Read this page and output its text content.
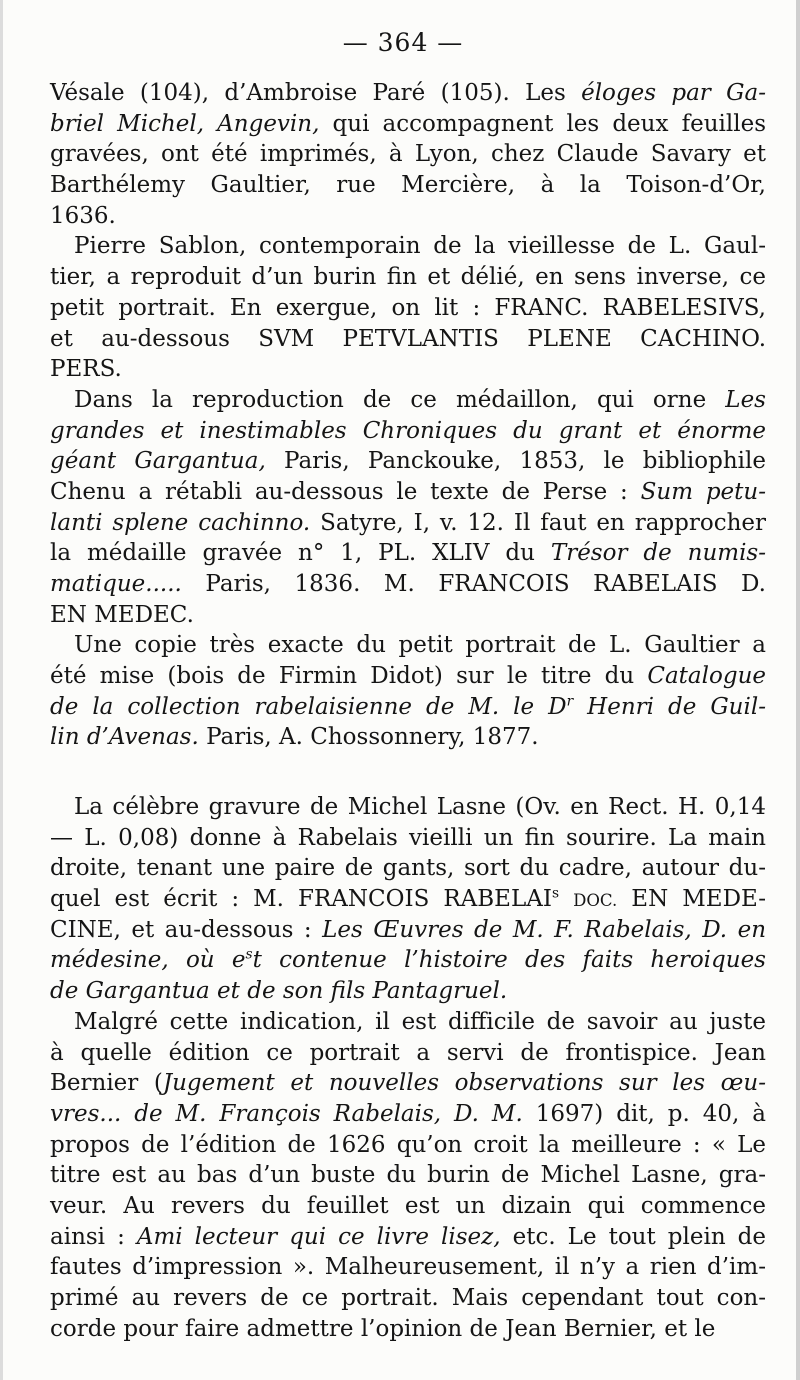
— 364 —
Vésale (104), d’Ambroise Paré (105). Les éloges par Ga-
briel Michel, Angevin, qui accompagnent les deux feuilles
gravées, ont été imprimés, à Lyon, chez Claude Savary et
Barthélemy Gaultier, rue Mercière, à la Toison-d’Or,
1636.
Pierre Sablon, contemporain de la vieillesse de L. Gaul-
tier, a reproduit d’un burin fin et délié, en sens inverse, ce
petit portrait. En exergue, on lit : FRANC. RABELESIVS,
et au-dessous SVM PETVLANTIS PLENE CACHINO.
PERS.
Dans la reproduction de ce médaillon, qui orne Les
grandes et inestimables Chroniques du grant et énorme
géant Gargantua, Paris, Panckouke, 1853, le bibliophile
Chenu a rétabli au-dessous le texte de Perse : Sum petu-
lanti splene cachinno. Satyre, I, v. 12. Il faut en rapprocher
la médaille gravée n° 1, PL. XLIV du Trésor de numis-
matique..... Paris, 1836. M. FRANCOIS RABELAIS D.
EN MEDEC.
Une copie très exacte du petit portrait de L. Gaultier a
été mise (bois de Firmin Didot) sur le titre du Catalogue
de la collection rabelaisienne de M. le $D^r$ Henri de Guil-
lin d’Avenas. Paris, A. Chossonnery, 1877.
La célèbre gravure de Michel Lasne (Ov. en Rect. H. 0,14
— L. 0,08) donne à Rabelais vieilli un fin sourire. La main
droite, tenant une paire de gants, sort du cadre, autour du-
quel est écrit : M. FRANCOIS RABELAI$^s$ DOC. EN MEDE-
CINE, et au-dessous : Les Œuvres de M. F. Rabelais, D. en
médesine, où $e^st$ contenue l’histoire des faits heroiques
de Gargantua et de son fils Pantagruel.
Malgré cette indication, il est difficile de savoir au juste
à quelle édition ce portrait a servi de frontispice. Jean
Bernier (Jugement et nouvelles observations sur les œu-
vres... de M. François Rabelais, D. M. 1697) dit, p. 40, à
propos de l’édition de 1626 qu’on croit la meilleure : « Le
titre est au bas d’un buste du burin de Michel Lasne, gra-
veur. Au revers du feuillet est un dizain qui commence
ainsi : Ami lecteur qui ce livre lisez, etc. Le tout plein de
fautes d’impression ». Malheureusement, il n’y a rien d’im-
primé au revers de ce portrait. Mais cependant tout con-
corde pour faire admettre l’opinion de Jean Bernier, et le
